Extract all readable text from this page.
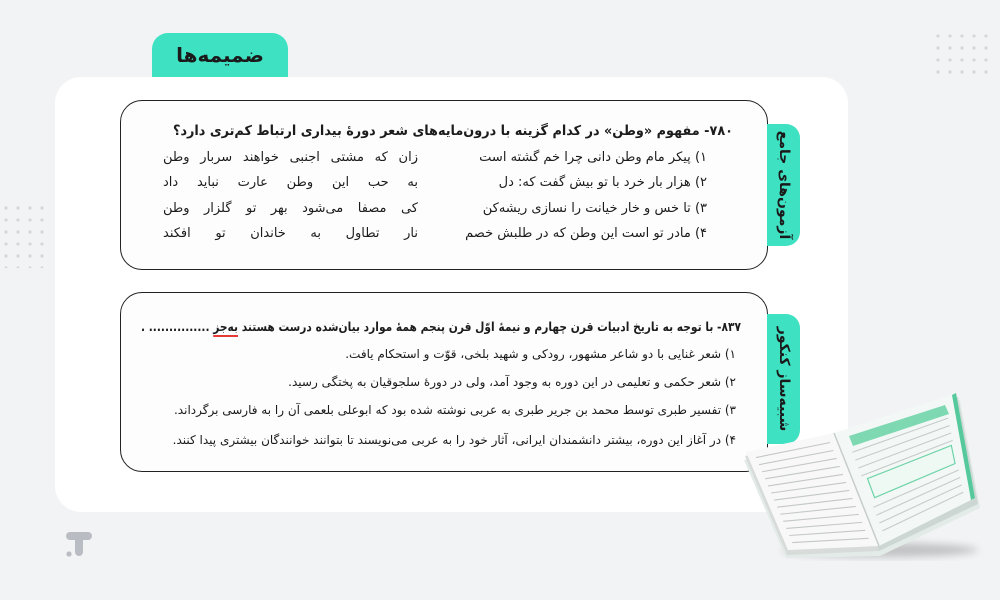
ضمیمه‌ها
۷۸۰- مفهوم «وطن» در کدام گزینه با درون‌مایه‌های شعر دورهٔ بیداری ارتباط کم‌تری دارد؟
۱) پیکر مام وطن دانی چرا خم گشته است
زان که مشتی اجنبی خواهند سربار وطن
۲) هزار بار خرد با تو بیش گفت که: دل
به حب این وطن عارت نباید داد
۳) تا خس و خار خیانت را نسازی ریشه‌کن
کی مصفا می‌شود بهر تو گلزار وطن
۴) مادر تو است این وطن که در طلبش خصم
نار تطاول به خاندان تو افکند	آزمون‌های جامع
۸۳۷- با توجه به تاریخ ادبیات قرن چهارم و نیمهٔ اوّل قرن پنجم همهٔ موارد بیان‌شده درست هستند به‌جز ............... .
۱) شعر غنایی با دو شاعر مشهور، رودکی و شهید بلخی، قوّت و استحکام یافت.
۲) شعر حکمی و تعلیمی در این دوره به وجود آمد، ولی در دورهٔ سلجوقیان به پختگی رسید.
۳) تفسیر طبری توسط محمد بن جریر طبری به عربی نوشته شده بود که ابوعلی بلعمی آن را به فارسی برگرداند.
۴) در آغاز این دوره، بیشتر دانشمندان ایرانی، آثار خود را به عربی می‌نویسند تا بتوانند خوانندگان بیشتری پیدا کنند.
شبیه‌ساز کنکور
